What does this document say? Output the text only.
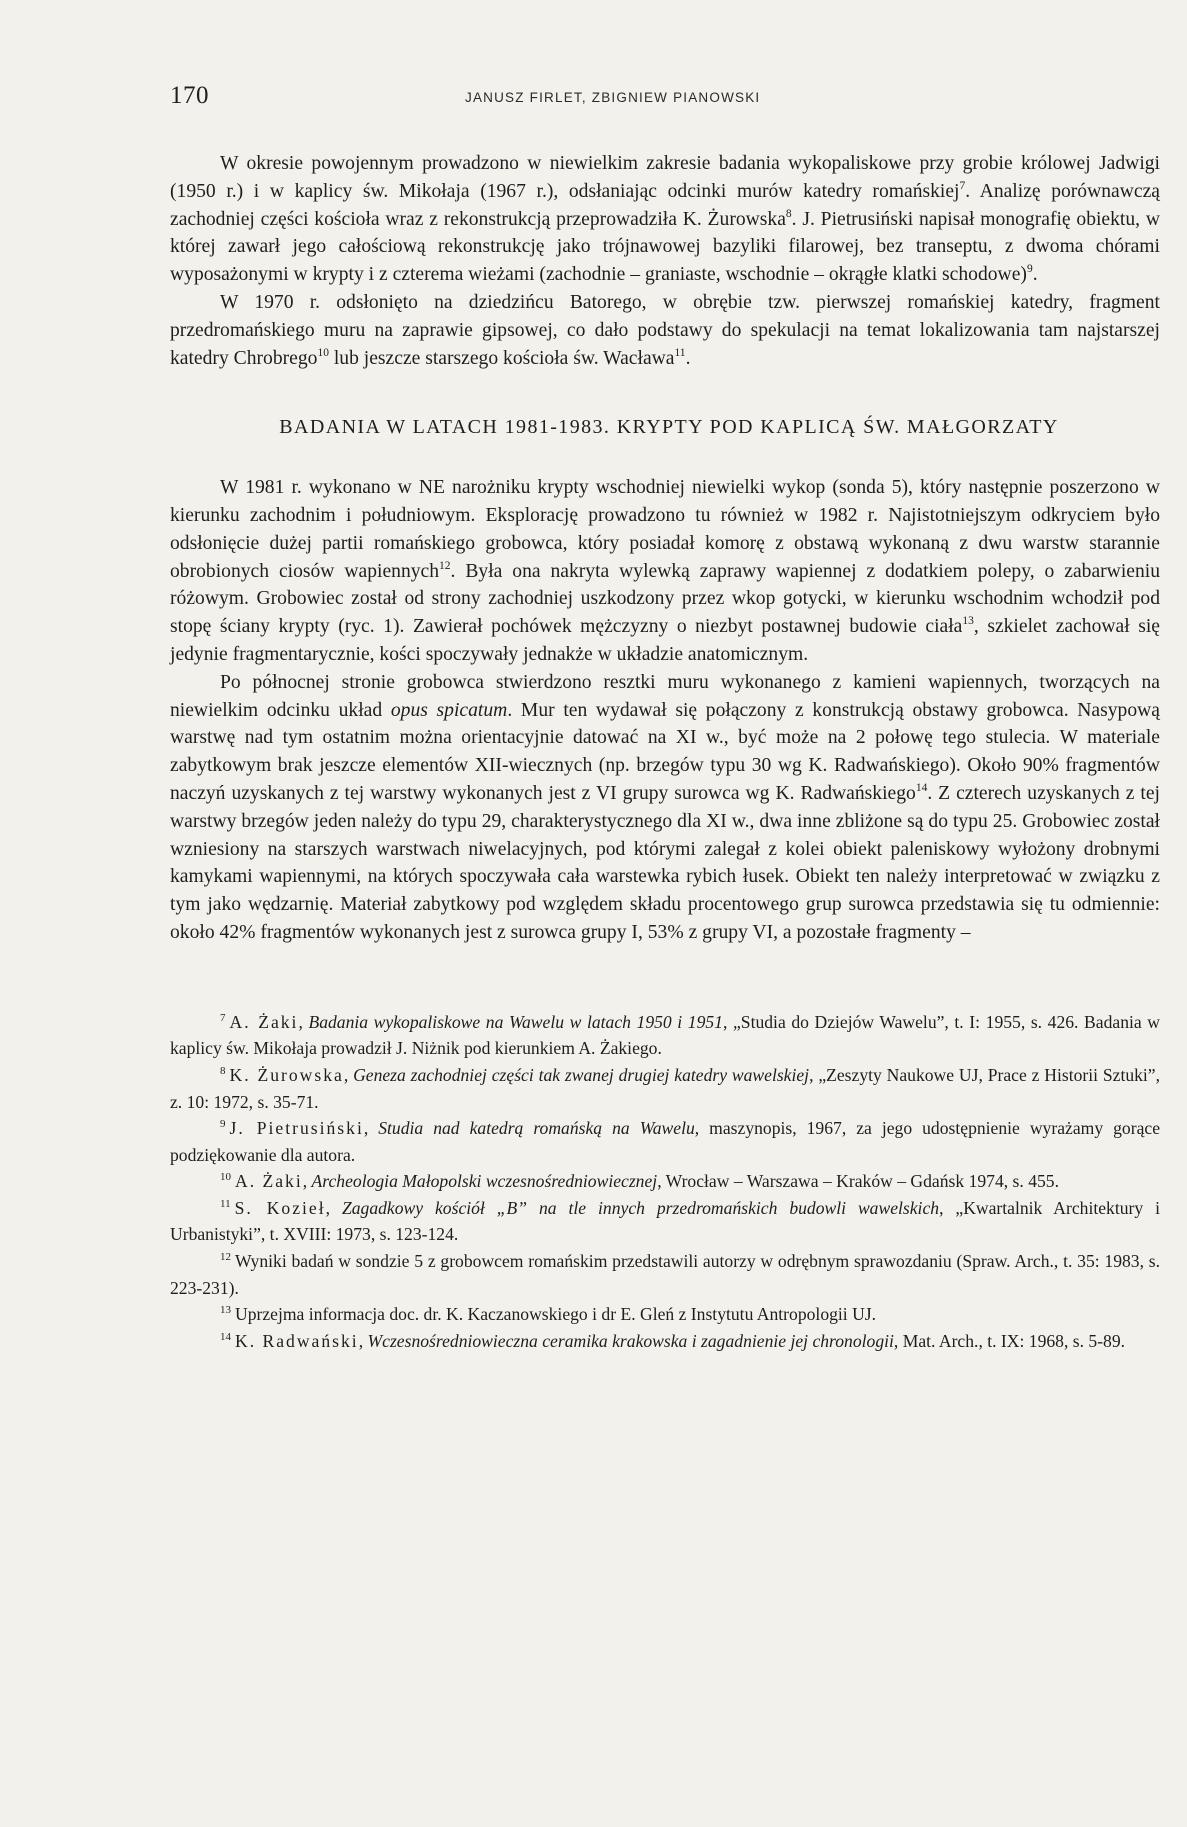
170	JANUSZ FIRLET, ZBIGNIEW PIANOWSKI

W okresie powojennym prowadzono w niewielkim zakresie badania wykopaliskowe przy grobie królowej Jadwigi (1950 r.) i w kaplicy św. Mikołaja (1967 r.), odsłaniając odcinki murów katedry romańskiej$^7$. Analizę porównawczą zachodniej części kościoła wraz z rekonstrukcją przeprowadziła K. Żurowska$^8$. J. Pietrusiński napisał monografię obiektu, w której zawarł jego całościową rekonstrukcję jako trójnawowej bazyliki filarowej, bez transeptu, z dwoma chórami wyposażonymi w krypty i z czterema wieżami (zachodnie – graniaste, wschodnie – okrągłe klatki schodowe)$^9$.

W 1970 r. odsłonięto na dziedzińcu Batorego, w obrębie tzw. pierwszej romańskiej katedry, fragment przedromańskiego muru na zaprawie gipsowej, co dało podstawy do spekulacji na temat lokalizowania tam najstarszej katedry Chrobrego$^{10}$ lub jeszcze starszego kościoła św. Wacława$^{11}$.

BADANIA W LATACH 1981-1983. KRYPTY POD KAPLICĄ ŚW. MAŁGORZATY

W 1981 r. wykonano w NE narożniku krypty wschodniej niewielki wykop (sonda 5), który następnie poszerzono w kierunku zachodnim i południowym. Eksplorację prowadzono tu również w 1982 r. Najistotniejszym odkryciem było odsłonięcie dużej partii romańskiego grobowca, który posiadał komorę z obstawą wykonaną z dwu warstw starannie obrobionych ciosów wapiennych$^{12}$. Była ona nakryta wylewką zaprawy wapiennej z dodatkiem polepy, o zabarwieniu różowym. Grobowiec został od strony zachodniej uszkodzony przez wkop gotycki, w kierunku wschodnim wchodził pod stopę ściany krypty (ryc. 1). Zawierał pochówek mężczyzny o niezbyt postawnej budowie ciała$^{13}$, szkielet zachował się jedynie fragmentarycznie, kości spoczywały jednakże w układzie anatomicznym.

Po północnej stronie grobowca stwierdzono resztki muru wykonanego z kamieni wapiennych, tworzących na niewielkim odcinku układ opus spicatum. Mur ten wydawał się połączony z konstrukcją obstawy grobowca. Nasypową warstwę nad tym ostatnim można orientacyjnie datować na XI w., być może na 2 połowę tego stulecia. W materiale zabytkowym brak jeszcze elementów XII-wiecznych (np. brzegów typu 30 wg K. Radwańskiego). Około 90% fragmentów naczyń uzyskanych z tej warstwy wykonanych jest z VI grupy surowca wg K. Radwańskiego$^{14}$. Z czterech uzyskanych z tej warstwy brzegów jeden należy do typu 29, charakterystycznego dla XI w., dwa inne zbliżone są do typu 25. Grobowiec został wzniesiony na starszych warstwach niwelacyjnych, pod którymi zalegał z kolei obiekt paleniskowy wyłożony drobnymi kamykami wapiennymi, na których spoczywała cała warstewka rybich łusek. Obiekt ten należy interpretować w związku z tym jako wędzarnię. Materiał zabytkowy pod względem składu procentowego grup surowca przedstawia się tu odmiennie: około 42% fragmentów wykonanych jest z surowca grupy I, 53% z grupy VI, a pozostałe fragmenty –

$^7$ A. Żaki, Badania wykopaliskowe na Wawelu w latach 1950 i 1951, „Studia do Dziejów Wawelu”, t. I: 1955, s. 426. Badania w kaplicy św. Mikołaja prowadził J. Niżnik pod kierunkiem A. Żakiego.

$^8$ K. Żurowska, Geneza zachodniej części tak zwanej drugiej katedry wawelskiej, „Zeszyty Naukowe UJ, Prace z Historii Sztuki”, z. 10: 1972, s. 35-71.

$^9$ J. Pietrusiński, Studia nad katedrą romańską na Wawelu, maszynopis, 1967, za jego udostępnienie wyrażamy gorące podziękowanie dla autora.

$^{10}$ A. Żaki, Archeologia Małopolski wczesnośredniowiecznej, Wrocław – Warszawa – Kraków – Gdańsk 1974, s. 455.

$^{11}$ S. Kozieł, Zagadkowy kościół „B” na tle innych przedromańskich budowli wawelskich, „Kwartalnik Architektury i Urbanistyki”, t. XVIII: 1973, s. 123-124.

$^{12}$ Wyniki badań w sondzie 5 z grobowcem romańskim przedstawili autorzy w odrębnym sprawozdaniu (Spraw. Arch., t. 35: 1983, s. 223-231).

$^{13}$ Uprzejma informacja doc. dr. K. Kaczanowskiego i dr E. Gleń z Instytutu Antropologii UJ.

$^{14}$ K. Radwański, Wczesnośredniowieczna ceramika krakowska i zagadnienie jej chronologii, Mat. Arch., t. IX: 1968, s. 5-89.
